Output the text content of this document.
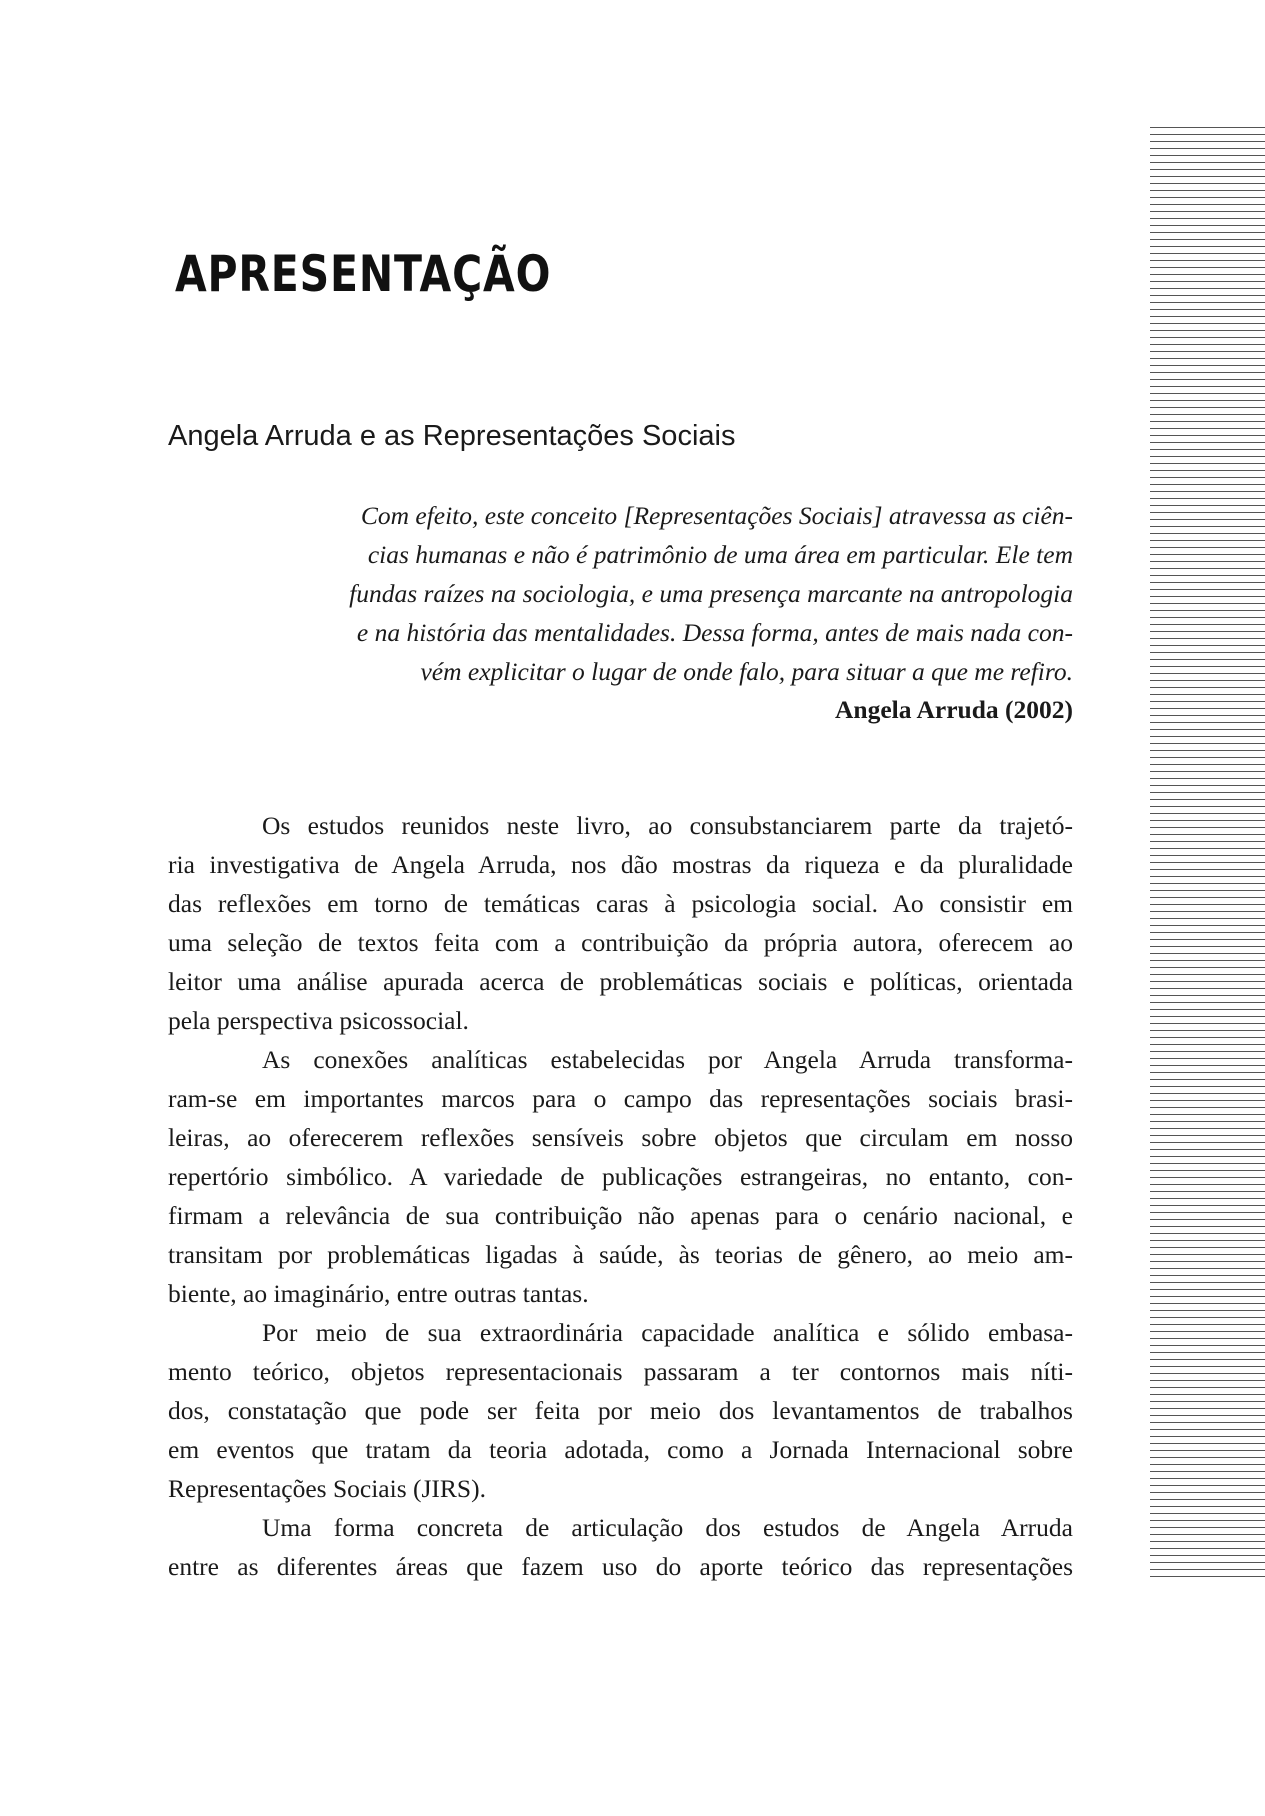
APRESENTAÇÃO
Angela Arruda e as Representações Sociais
Com efeito, este conceito [Representações Sociais] atravessa as ciên-
cias humanas e não é patrimônio de uma área em particular. Ele tem
fundas raízes na sociologia, e uma presença marcante na antropologia
e na história das mentalidades. Dessa forma, antes de mais nada con-
vém explicitar o lugar de onde falo, para situar a que me refiro.
Angela Arruda (2002)
Os estudos reunidos neste livro, ao consubstanciarem parte da trajetó-
ria investigativa de Angela Arruda, nos dão mostras da riqueza e da pluralidade
das reflexões em torno de temáticas caras à psicologia social. Ao consistir em
uma seleção de textos feita com a contribuição da própria autora, oferecem ao
leitor uma análise apurada acerca de problemáticas sociais e políticas, orientada
pela perspectiva psicossocial.
As conexões analíticas estabelecidas por Angela Arruda transforma-
ram-se em importantes marcos para o campo das representações sociais brasi-
leiras, ao oferecerem reflexões sensíveis sobre objetos que circulam em nosso
repertório simbólico. A variedade de publicações estrangeiras, no entanto, con-
firmam a relevância de sua contribuição não apenas para o cenário nacional, e
transitam por problemáticas ligadas à saúde, às teorias de gênero, ao meio am-
biente, ao imaginário, entre outras tantas.
Por meio de sua extraordinária capacidade analítica e sólido embasa-
mento teórico, objetos representacionais passaram a ter contornos mais níti-
dos, constatação que pode ser feita por meio dos levantamentos de trabalhos
em eventos que tratam da teoria adotada, como a Jornada Internacional sobre
Representações Sociais (JIRS).
Uma forma concreta de articulação dos estudos de Angela Arruda
entre as diferentes áreas que fazem uso do aporte teórico das representações
